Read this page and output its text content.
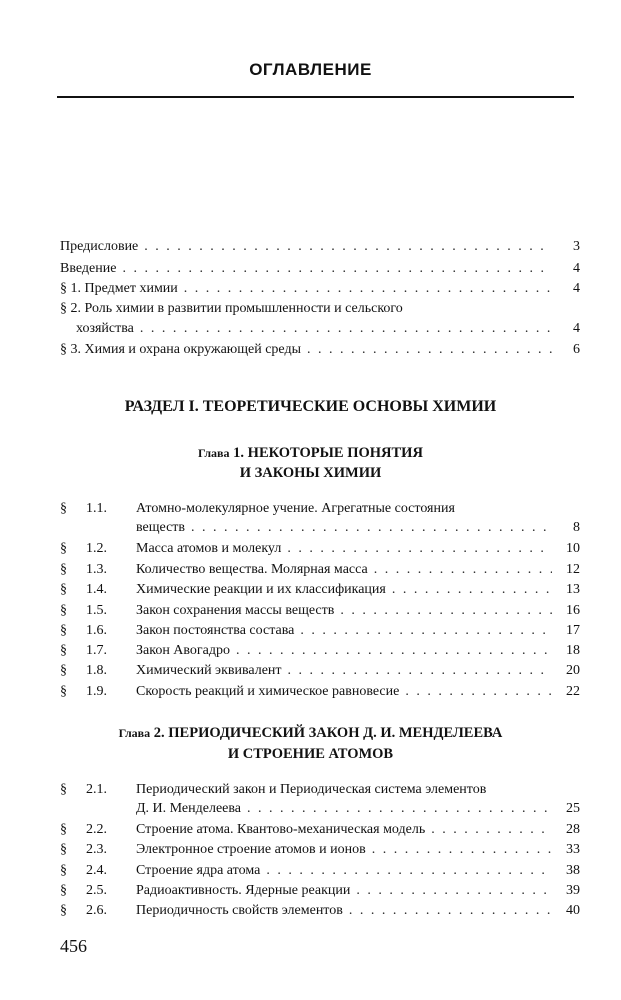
ОГЛАВЛЕНИЕ
Предисловие . . .	3
Введение . . .	4
§ 1. Предмет химии . . .	4
§ 2. Роль химии в развитии промышленности и сельского
хозяйства . . .	4
§ 3. Химия и охрана окружающей среды . . .	6
РАЗДЕЛ I. ТЕОРЕТИЧЕСКИЕ ОСНОВЫ ХИМИИ
Глава 1. НЕКОТОРЫЕ ПОНЯТИЯ
И ЗАКОНЫ ХИМИИ
§	1.1.	Атомно-молекулярное учение. Агрегатные состояния
веществ . . .	8
§	1.2.	Масса атомов и молекул . . .	10
§	1.3.	Количество вещества. Молярная масса . . .	12
§	1.4.	Химические реакции и их классификация . . .	13
§	1.5.	Закон сохранения массы веществ . . .	16
§	1.6.	Закон постоянства состава . . .	17
§	1.7.	Закон Авогадро . . .	18
§	1.8.	Химический эквивалент . . .	20
§	1.9.	Скорость реакций и химическое равновесие . . .	22
Глава 2. ПЕРИОДИЧЕСКИЙ ЗАКОН Д. И. МЕНДЕЛЕЕВА
И СТРОЕНИЕ АТОМОВ
§	2.1.	Периодический закон и Периодическая система элементов
Д. И. Менделеева . . .	25
§	2.2.	Строение атома. Квантово-механическая модель . . .	28
§	2.3.	Электронное строение атомов и ионов . . .	33
§	2.4.	Строение ядра атома . . .	38
§	2.5.	Радиоактивность. Ядерные реакции . . .	39
§	2.6.	Периодичность свойств элементов . . .	40
456
